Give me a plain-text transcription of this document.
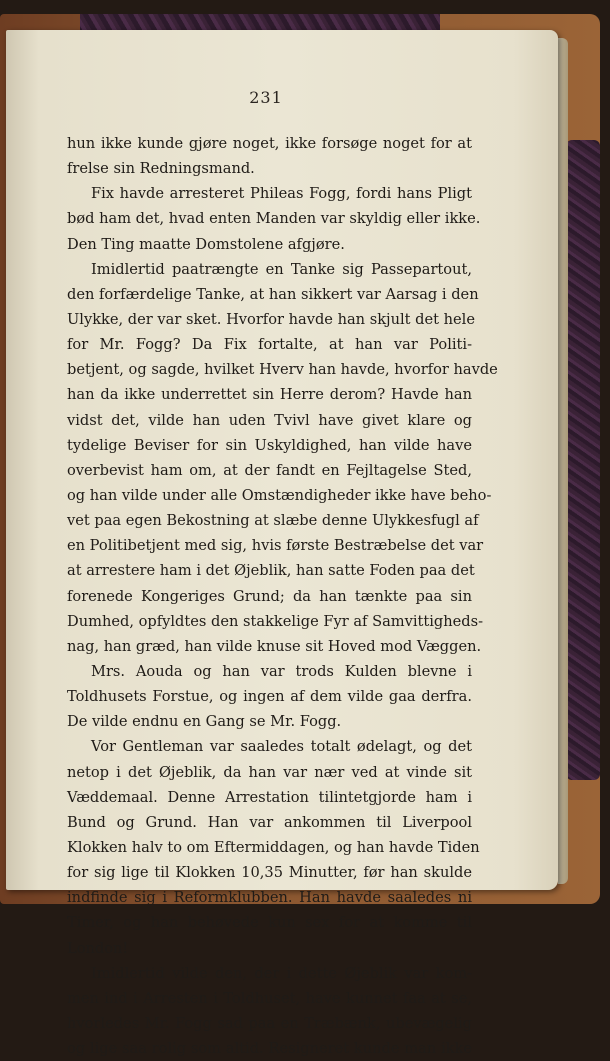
231
hun ikke kunde gjøre noget, ikke forsøge noget for at
frelse sin Redningsmand.
Fix havde arresteret Phileas Fogg, fordi hans Pligt
bød ham det, hvad enten Manden var skyldig eller ikke.
Den Ting maatte Domstolene afgjøre.
Imidlertid paatrængte en Tanke sig Passepartout,
den forfærdelige Tanke, at han sikkert var Aarsag i den
Ulykke, der var sket. Hvorfor havde han skjult det hele
for Mr. Fogg? Da Fix fortalte, at han var Politi-
betjent, og sagde, hvilket Hverv han havde, hvorfor havde
han da ikke underrettet sin Herre derom? Havde han
vidst det, vilde han uden Tvivl have givet klare og
tydelige Beviser for sin Uskyldighed, han vilde have
overbevist ham om, at der fandt en Fejltagelse Sted,
og han vilde under alle Omstændigheder ikke have beho-
vet paa egen Bekostning at slæbe denne Ulykkesfugl af
en Politibetjent med sig, hvis første Bestræbelse det var
at arrestere ham i det Øjeblik, han satte Foden paa det
forenede Kongeriges Grund; da han tænkte paa sin
Dumhed, opfyldtes den stakkelige Fyr af Samvittigheds-
nag, han græd, han vilde knuse sit Hoved mod Væggen.
Mrs. Aouda og han var trods Kulden blevne i
Toldhusets Forstue, og ingen af dem vilde gaa derfra.
De vilde endnu en Gang se Mr. Fogg.
Vor Gentleman var saaledes totalt ødelagt, og det
netop i det Øjeblik, da han var nær ved at vinde sit
Væddemaal. Denne Arrestation tilintetgjorde ham i
Bund og Grund. Han var ankommen til Liverpool
Klokken halv to om Eftermiddagen, og han havde Tiden
for sig lige til Klokken 10,35 Minutter, før han skulde
indfinde sig i Reformklubben. Han havde saaledes ni
Timer, og han behøvede kun sex for at komme til
London!
Imidlertid vilde den, der i dette Øjeblik var kom-
men ind i Arresten i Toldhuset, have kunnet faa at se,
hvorledes Mr. Fogg sad paa en Træbænk, ubevægelig
og lige saa rolig som altid. Resigneret kunde man ikke
